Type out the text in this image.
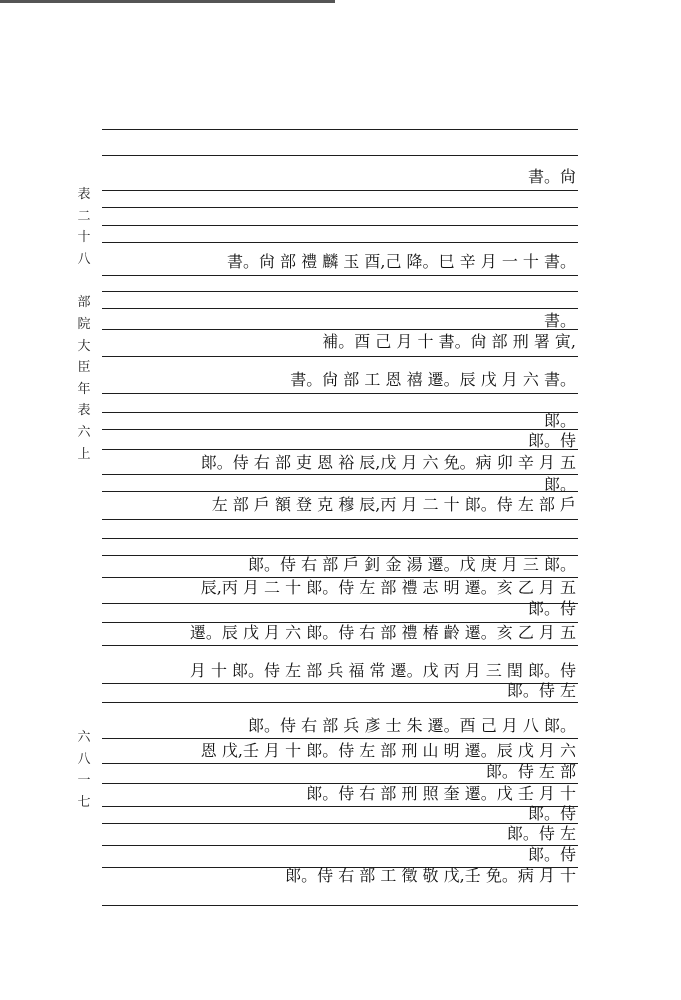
表
二
十
八
部
院
大
臣
年
表
六
上
六
八
一
七
書。尙
書。尙 部 禮 麟 玉 酉,己 降。巳 辛 月 一 十 書。
書。
補。酉 己 月 十 書。尙 部 刑 署 寅,
書。尙 部 工 恩 禧 遷。辰 戊 月 六 書。
郞。
郞。侍
郞。侍 右 部 吏 恩 裕 辰,戊 月 六 免。病 卯 辛 月 五
郞。
左 部 戶 額 登 克 穆 辰,丙 月 二 十 郞。侍 左 部 戶
郞。侍 右 部 戶 釗 金 湯 遷。戊 庚 月 三 郞。
辰,丙 月 二 十 郞。侍 左 部 禮 志 明 遷。亥 乙 月 五
郞。侍
遷。辰 戊 月 六 郞。侍 右 部 禮 椿 齡 遷。亥 乙 月 五
月 十 郞。侍 左 部 兵 福 常 遷。戊 丙 月 三 閏 郞。侍
郞。侍 左
郞。侍 右 部 兵 彥 士 朱 遷。酉 己 月 八 郞。
恩 戊,壬 月 十 郞。侍 左 部 刑 山 明 遷。辰 戊 月 六
郞。侍 左 部
郞。侍 右 部 刑 照 奎 遷。戊 壬 月 十
郞。侍
郞。侍 左
郞。侍
郞。侍 右 部 工 徵 敬 戊,壬 免。病 月 十
